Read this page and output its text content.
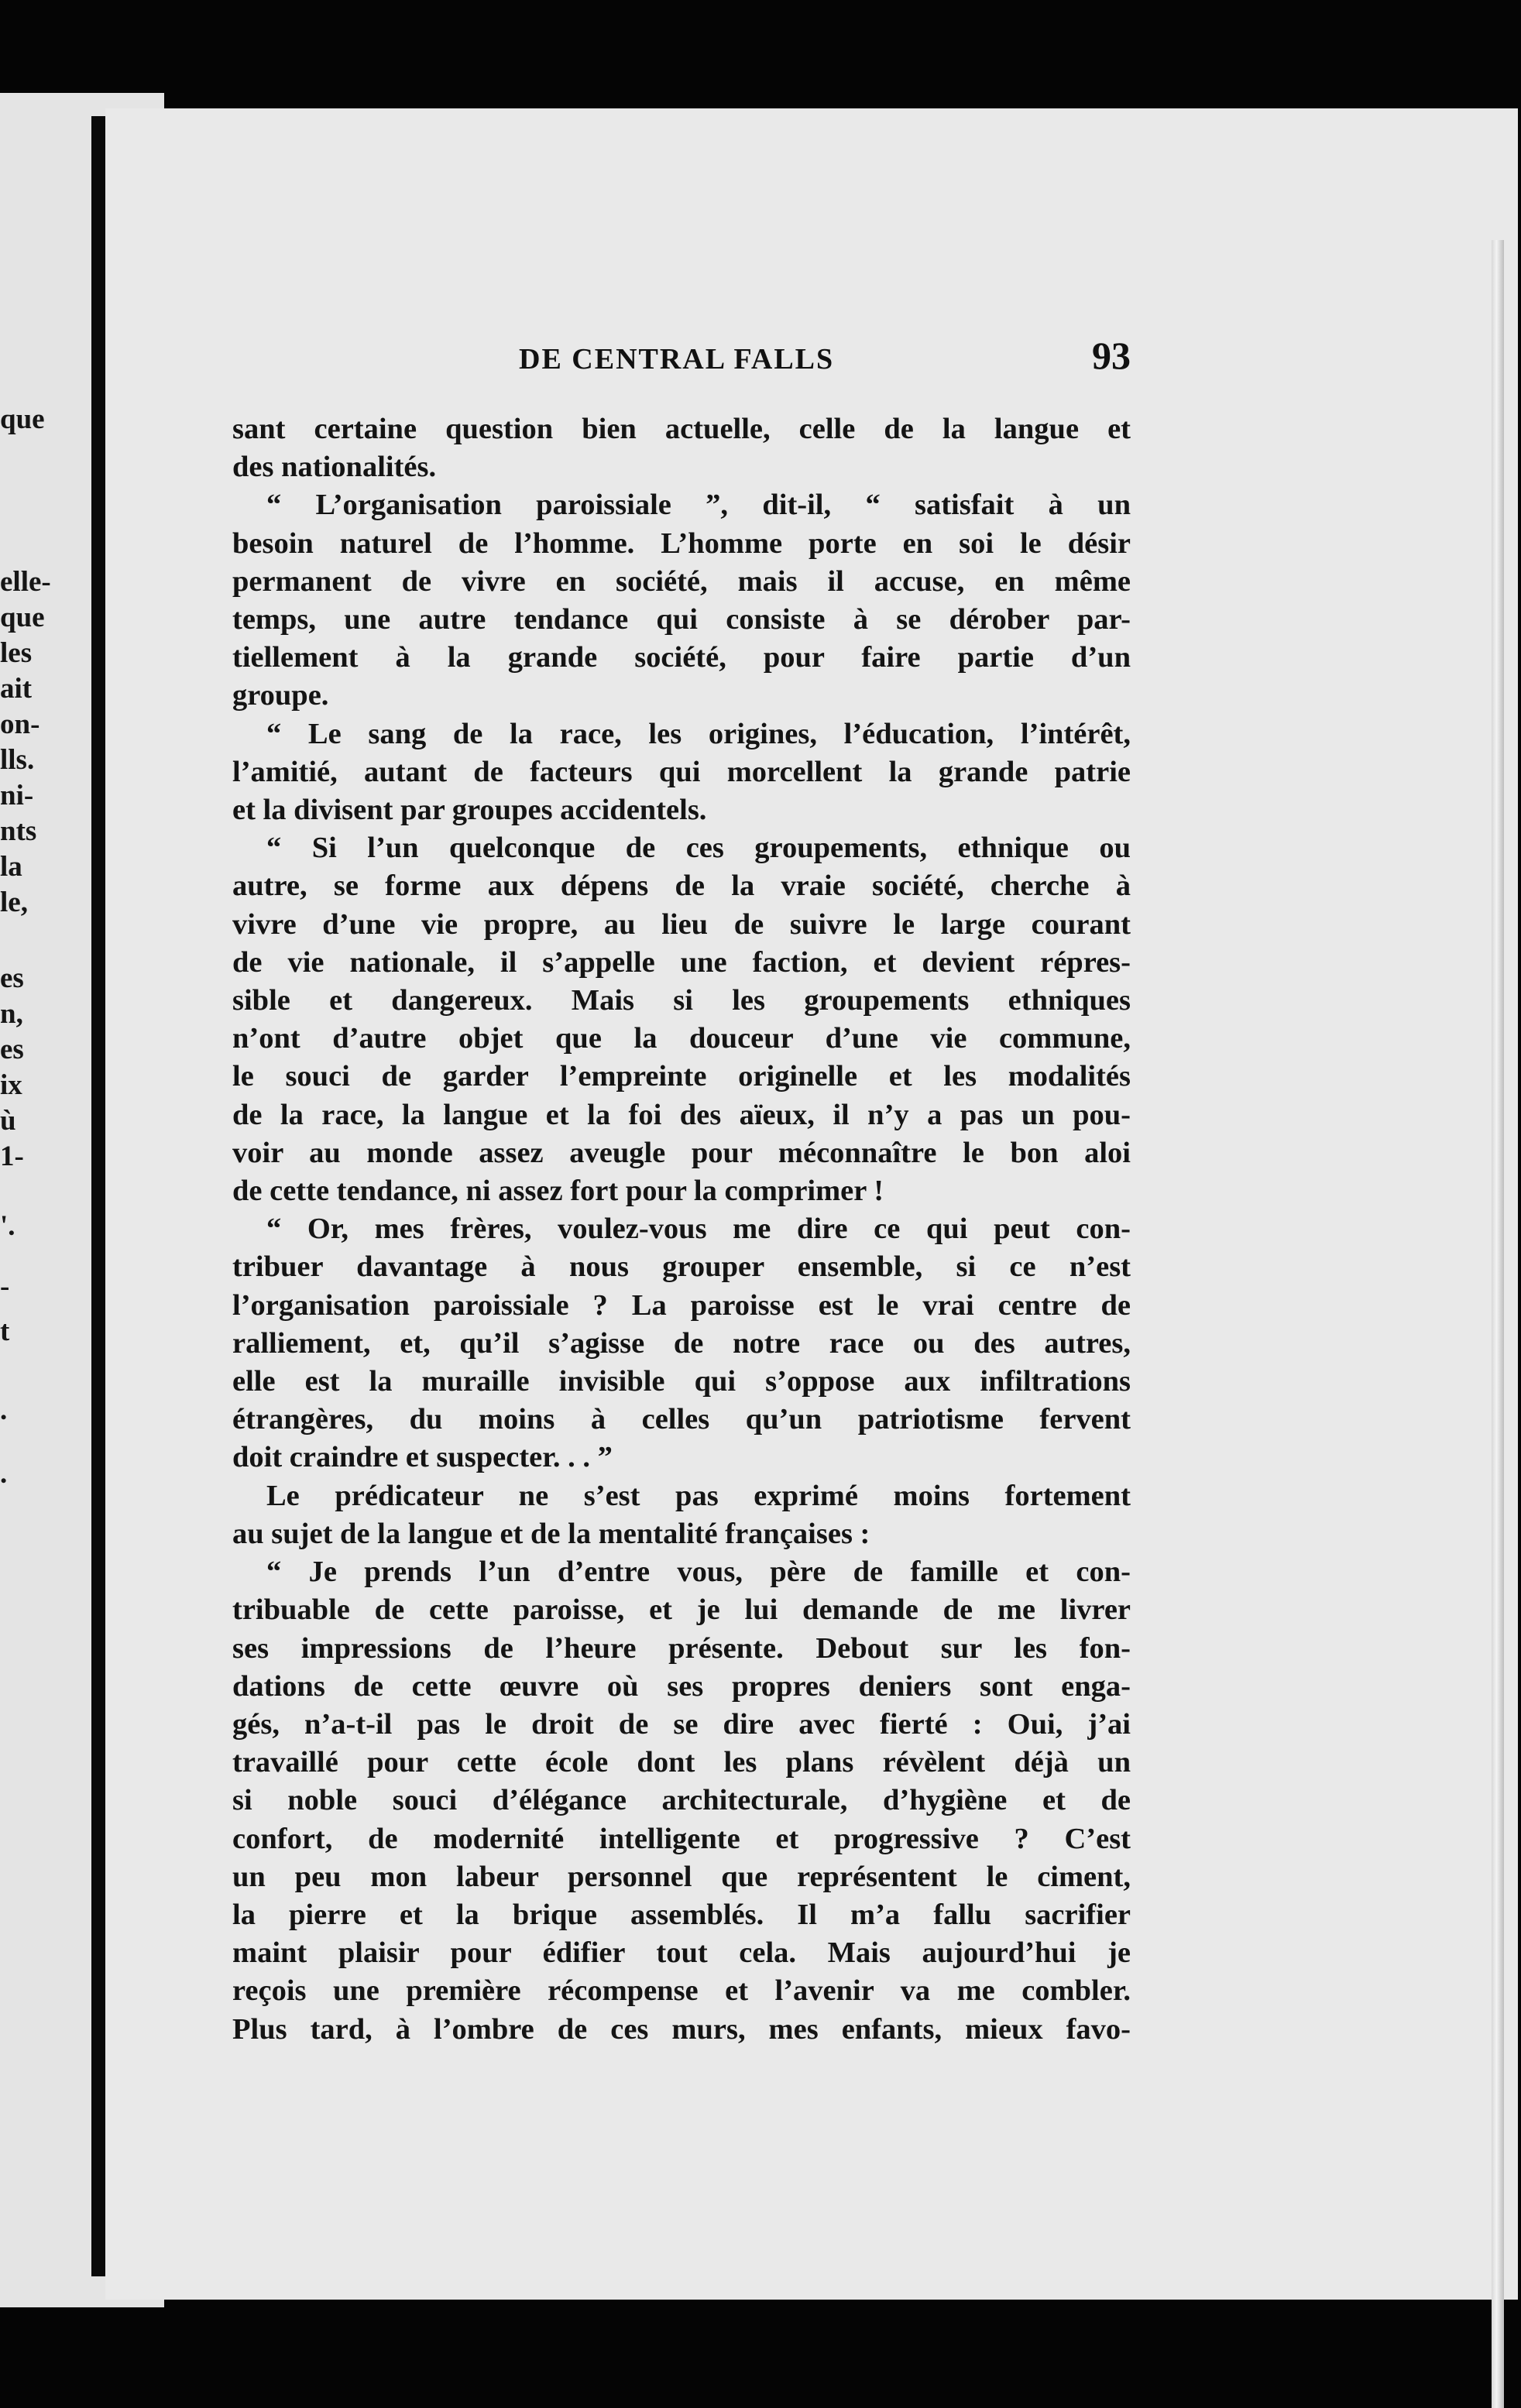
que
elle-
que
les
ait
on-
lls.
ni-
nts
la
le,
es
n,
es
ix
ù
1-
'.
-
t
.
.
DE CENTRAL FALLS	93
sant certaine question bien actuelle, celle de la langue et
des nationalités.
“ L’organisation paroissiale ”, dit-il, “ satisfait à un
besoin naturel de l’homme. L’homme porte en soi le désir
permanent de vivre en société, mais il accuse, en même
temps, une autre tendance qui consiste à se dérober par-
tiellement à la grande société, pour faire partie d’un
groupe.
“ Le sang de la race, les origines, l’éducation, l’intérêt,
l’amitié, autant de facteurs qui morcellent la grande patrie
et la divisent par groupes accidentels.
“ Si l’un quelconque de ces groupements, ethnique ou
autre, se forme aux dépens de la vraie société, cherche à
vivre d’une vie propre, au lieu de suivre le large courant
de vie nationale, il s’appelle une faction, et devient répres-
sible et dangereux. Mais si les groupements ethniques
n’ont d’autre objet que la douceur d’une vie commune,
le souci de garder l’empreinte originelle et les modalités
de la race, la langue et la foi des aïeux, il n’y a pas un pou-
voir au monde assez aveugle pour méconnaître le bon aloi
de cette tendance, ni assez fort pour la comprimer !
“ Or, mes frères, voulez-vous me dire ce qui peut con-
tribuer davantage à nous grouper ensemble, si ce n’est
l’organisation paroissiale ? La paroisse est le vrai centre de
ralliement, et, qu’il s’agisse de notre race ou des autres,
elle est la muraille invisible qui s’oppose aux infiltrations
étrangères, du moins à celles qu’un patriotisme fervent
doit craindre et suspecter. . . ”
Le prédicateur ne s’est pas exprimé moins fortement
au sujet de la langue et de la mentalité françaises :
“ Je prends l’un d’entre vous, père de famille et con-
tribuable de cette paroisse, et je lui demande de me livrer
ses impressions de l’heure présente. Debout sur les fon-
dations de cette œuvre où ses propres deniers sont enga-
gés, n’a-t-il pas le droit de se dire avec fierté : Oui, j’ai
travaillé pour cette école dont les plans révèlent déjà un
si noble souci d’élégance architecturale, d’hygiène et de
confort, de modernité intelligente et progressive ? C’est
un peu mon labeur personnel que représentent le ciment,
la pierre et la brique assemblés. Il m’a fallu sacrifier
maint plaisir pour édifier tout cela. Mais aujourd’hui je
reçois une première récompense et l’avenir va me combler.
Plus tard, à l’ombre de ces murs, mes enfants, mieux favo-
